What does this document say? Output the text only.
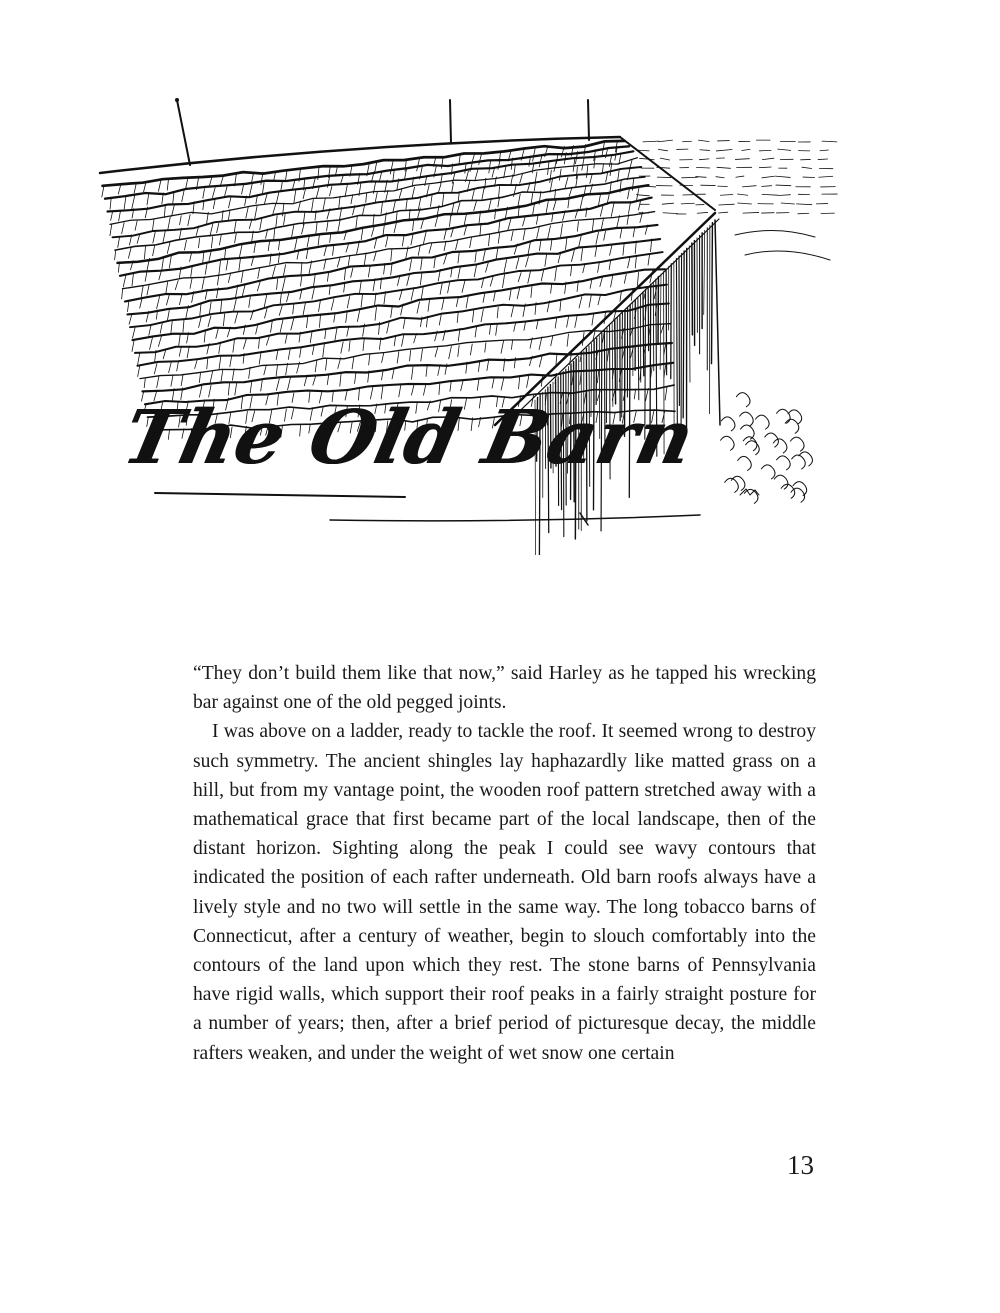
The Old Barn

“They don’t build them like that now,” said Harley as he tapped his wrecking bar against one of the old pegged joints.

I was above on a ladder, ready to tackle the roof. It seemed wrong to destroy such symmetry. The ancient shingles lay haphazardly like matted grass on a hill, but from my vantage point, the wooden roof pattern stretched away with a mathematical grace that first became part of the local landscape, then of the distant horizon. Sighting along the peak I could see wavy contours that indicated the position of each rafter underneath. Old barn roofs always have a lively style and no two will settle in the same way. The long tobacco barns of Connecticut, after a century of weather, begin to slouch comfortably into the contours of the land upon which they rest. The stone barns of Pennsylvania have rigid walls, which support their roof peaks in a fairly straight posture for a number of years; then, after a brief period of picturesque decay, the middle rafters weaken, and under the weight of wet snow one certain

13
